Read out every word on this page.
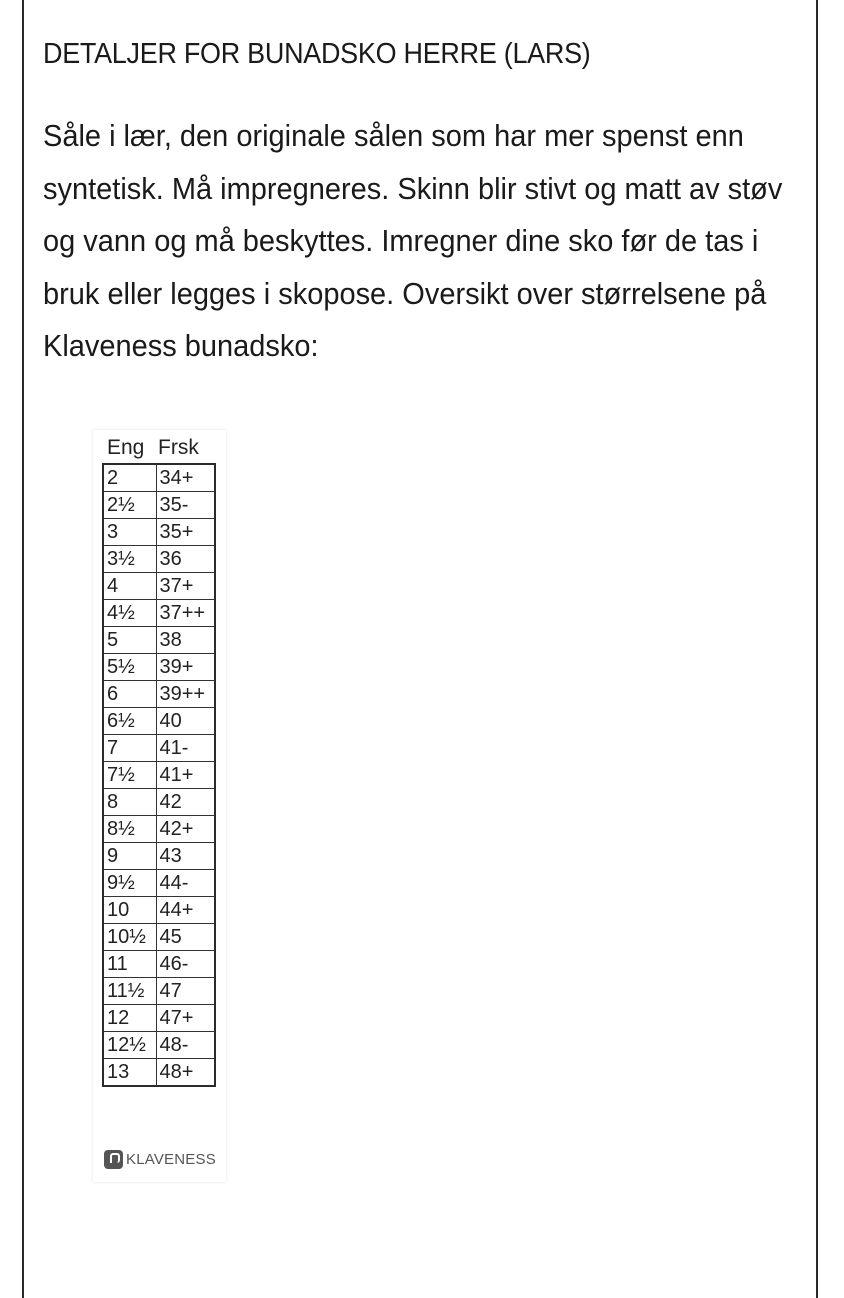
DETALJER FOR BUNADSKO HERRE (LARS)

Såle i lær, den originale sålen som har mer spenst enn syntetisk. Må impregneres. Skinn blir stivt og matt av støv og vann og må beskyttes. Imregner dine sko før de tas i bruk eller legges i skopose. Oversikt over størrelsene på Klaveness bunadsko:

Eng Frsk
2	34+
2½	35-
3	35+
3½	36
4	37+
4½	37++
5	38
5½	39+
6	39++
6½	40
7	41-
7½	41+
8	42
8½	42+
9	43
9½	44-
10	44+
10½	45
11	46-
11½	47
12	47+
12½	48-
13	48+
KLAVENESS
